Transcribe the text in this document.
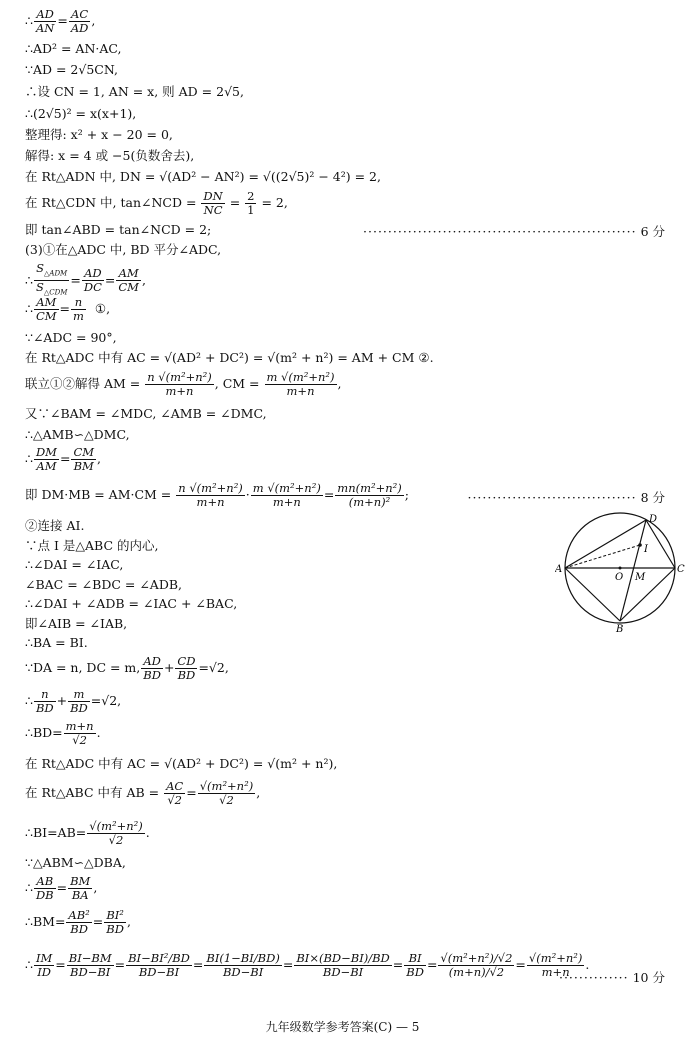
∴ $\frac{AD}{AN} = \frac{AC}{AD}$ ,
∴AD² = AN·AC,
∵AD = 2√5CN,
∴设 CN = 1, AN = x, 则 AD = 2√5,
∴(2√5)² = x(x+1),
整理得: x² + x − 20 = 0,
解得: x = 4 或 −5(负数舍去),
在 Rt△ADN 中, DN = √(AD² − AN²) = √((2√5)² − 4²) = 2,
在 Rt△CDN 中, tan∠NCD = $\frac{DN}{NC} = \frac{2}{1} = 2$,
即 tan∠ABD = tan∠NCD = 2;	······················································· 6 分
(3)①在△ADC 中, BD 平分∠ADC,
∴ $\frac{S_{\triangle ADM}}{S_{\triangle CDM}} = \frac{AD}{DC} = \frac{AM}{CM}$ ,
∴ $\frac{AM}{CM} = \frac{n}{m}$ ①,
∵∠ADC = 90°,
在 Rt△ADC 中有 AC = √(AD² + DC²) = √(m² + n²) = AM + CM ②.
联立①②解得 AM = $\frac{\text{n √(m²+n²)}}{m+n}$ , CM = $\frac{\text{m √(m²+n²)}}{m+n}$ ,
又∵∠BAM = ∠MDC, ∠AMB = ∠DMC,
∴△AMB∽△DMC,
∴ $\frac{DM}{AM} = \frac{CM}{BM}$ ,
即 $DM\cdot MB = AM\cdot CM = \frac{\text{n √(m²+n²)}}{m+n} \cdot \frac{\text{m √(m²+n²)}}{m+n} = \frac{\text{mn(m²+n²)}}{\text{(m+n)²}}$ ;	·································· 8 分
②连接 AI.
∵点 I 是△ABC 的内心,
∴∠DAI = ∠IAC,
∠BAC = ∠BDC = ∠ADB,
∴∠DAI + ∠ADB = ∠IAC + ∠BAC,
即∠AIB = ∠IAB,
∴BA = BI.
∵DA = n, DC = m, $\frac{AD}{BD} + \frac{CD}{BD} =√2$,
∴ $\frac{n}{BD} + \frac{m}{BD} =√2$,
∴BD= $\frac{m+n}{√2}$ .
在 Rt△ADC 中有 AC = √(AD² + DC²) = √(m² + n²),
在 Rt△ABC 中有 AB = $\frac{AC}{√2} = \frac{\text{√(m²+n²)}}{√2}$ ,
∴BI=AB= $\frac{\text{√(m²+n²)}}{√2}$ .
∵△ABM∽△DBA,
∴ $\frac{AB}{DB} = \frac{BM}{BA}$ ,
∴BM= $\frac{\text{AB²}}{BD} = \frac{\text{BI²}}{BD}$ ,
∴ $\frac{IM}{ID} = \frac{BI-BM}{BD-BI} = \frac{\text{BI−BI²/BD}}{BD-BI} = \frac{BI(1-BI/BD)}{BD-BI} = \frac{BI\times(BD-BI)/BD}{BD-BI} = \frac{BI}{BD} = \frac{\text{√(m²+n²)/√2}}{(m+n)/√2} = \frac{\text{√(m²+n²)}}{m+n}$ .
·············· 10 分
A
B
C
D
I
O M
九年级数学参考答案(C) — 5
